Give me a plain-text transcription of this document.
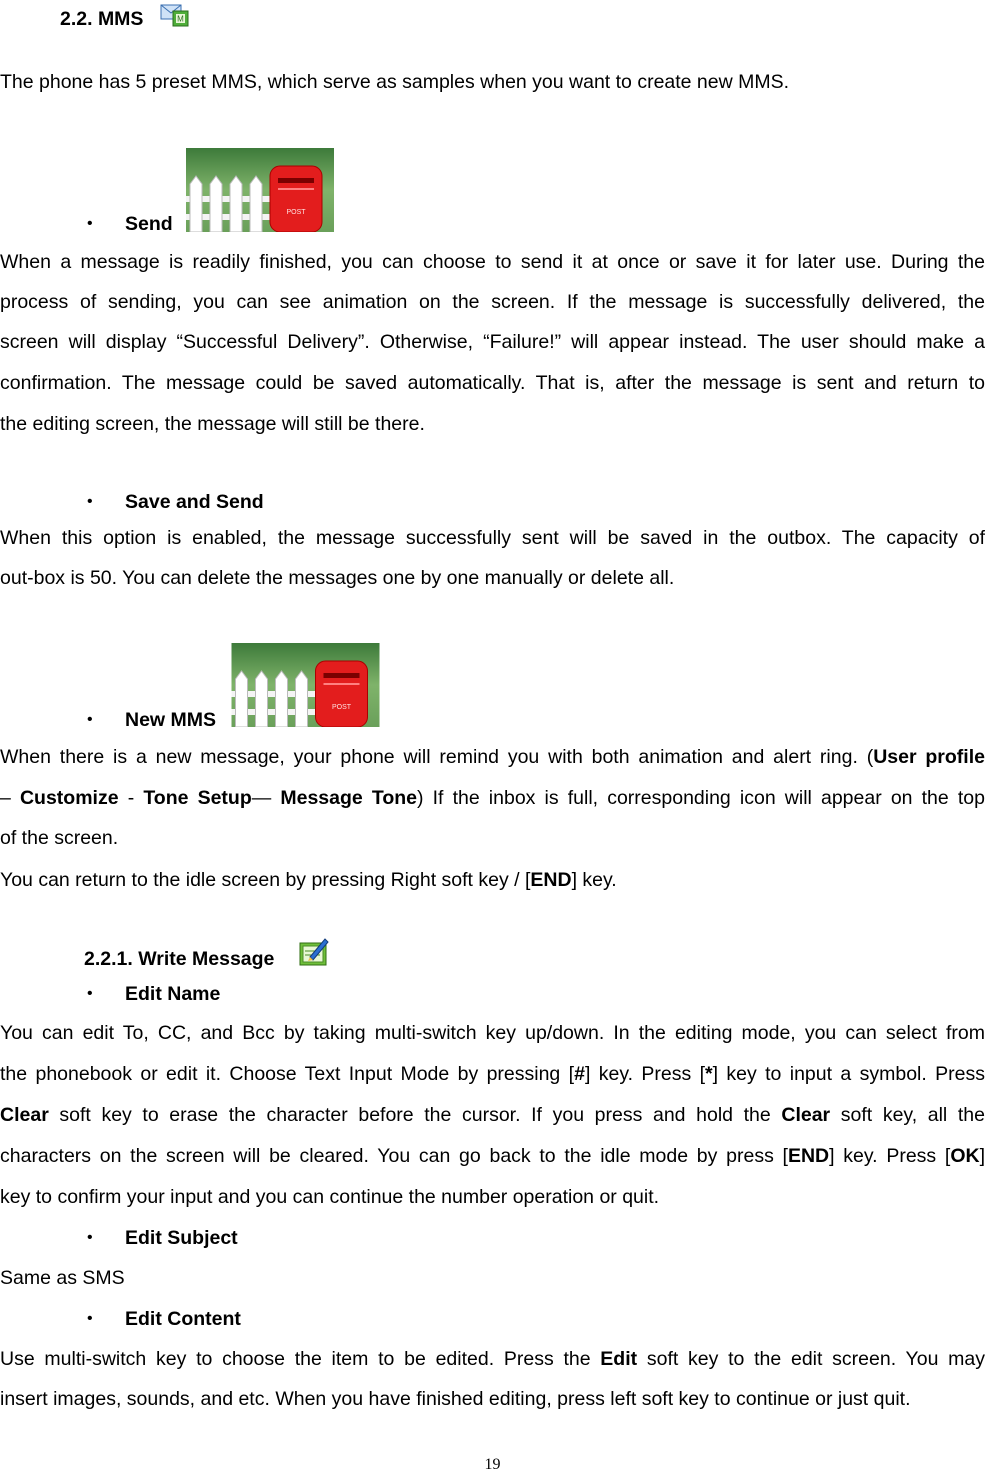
2.2. MMS	M
The phone has 5 preset MMS, which serve as samples when you want to create new MMS.
• Send
POST
When a message is readily finished, you can choose to send it at once or save it for later use. During the
process of sending, you can see animation on the screen. If the message is successfully delivered, the
screen will display “Successful Delivery”. Otherwise, “Failure!” will appear instead. The user should make a
confirmation. The message could be saved automatically. That is, after the message is sent and return to
the editing screen, the message will still be there.
• Save and Send
When this option is enabled, the message successfully sent will be saved in the outbox. The capacity of
out-box is 50. You can delete the messages one by one manually or delete all.
• New MMS
POST
When there is a new message, your phone will remind you with both animation and alert ring. (User profile
– Customize - Tone Setup— Message Tone) If the inbox is full, corresponding icon will appear on the top
of the screen.
You can return to the idle screen by pressing Right soft key / [END] key.
2.2.1. Write Message
• Edit Name
You can edit To, CC, and Bcc by taking multi-switch key up/down. In the editing mode, you can select from
the phonebook or edit it. Choose Text Input Mode by pressing [#] key. Press [*] key to input a symbol. Press
Clear soft key to erase the character before the cursor. If you press and hold the Clear soft key, all the
characters on the screen will be cleared. You can go back to the idle mode by press [END] key. Press [OK]
key to confirm your input and you can continue the number operation or quit.
• Edit Subject
Same as SMS
• Edit Content
Use multi-switch key to choose the item to be edited. Press the Edit soft key to the edit screen. You may
insert images, sounds, and etc. When you have finished editing, press left soft key to continue or just quit.
19
